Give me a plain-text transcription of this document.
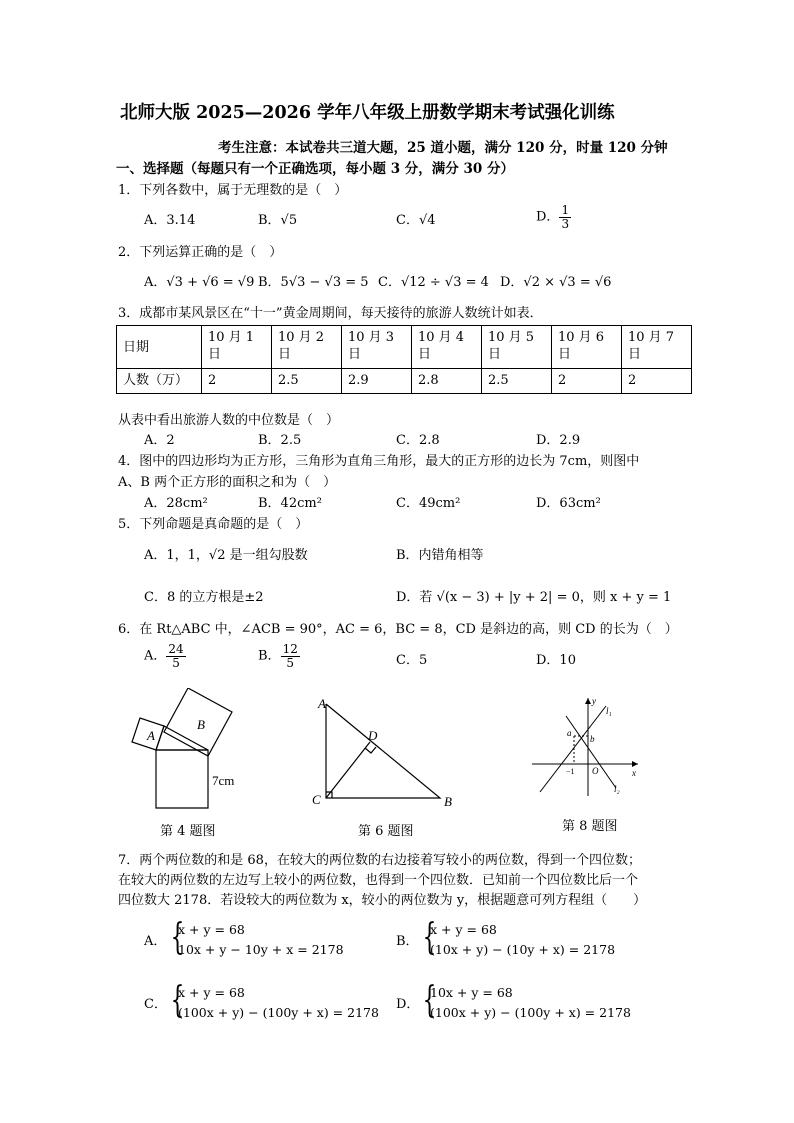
北师大版 2025—2026 学年八年级上册数学期末考试强化训练
考生注意：本试卷共三道大题，25 道小题，满分 120 分，时量 120 分钟
一、选择题（每题只有一个正确选项，每小题 3 分，满分 30 分）
1．下列各数中，属于无理数的是（　）
A．3.14	B．√5	C．√4	D． $\frac{1}{3}$
2．下列运算正确的是（　）
A．√3 + √6 = √9 B．5√3 − √3 = 5 C．√12 ÷ √3 = 4 D．√2 × √3 = √6
3．成都市某风景区在“十一”黄金周期间，每天接待的旅游人数统计如表．
日期	10 月 1 日	10 月 2 日	10 月 3 日	10 月 4 日	10 月 5 日	10 月 6 日	10 月 7 日
人数（万）	2	2.5	2.9	2.8	2.5	2	2
从表中看出旅游人数的中位数是（　）
A．2	B．2.5	C．2.8	D．2.9
4．图中的四边形均为正方形，三角形为直角三角形，最大的正方形的边长为 7cm，则图中
A、B 两个正方形的面积之和为（　）
A．28cm²	B．42cm²	C．49cm²	D．63cm²
5．下列命题是真命题的是（　）
A．1，1，√2 是一组勾股数	B．内错角相等
C．8 的立方根是±2	D．若 √(x − 3) + |y + 2| = 0，则 x + y = 1
6．在 Rt△ABC 中，∠ACB = 90°，AC = 6，BC = 8，CD 是斜边的高，则 CD 的长为（　）
A． $\frac{24}{5}$	B． $\frac{12}{5}$	C．5	D．10
A
B
7cm
第 4 题图
A
B
C
D
第 6 题图
y
x
l₁
l₂
b
O
−1
a
第 8 题图
7．两个两位数的和是 68，在较大的两位数的右边接着写较小的两位数，得到一个四位数；
在较大的两位数的左边写上较小的两位数，也得到一个四位数．已知前一个四位数比后一个
四位数大 2178．若设较大的两位数为 x，较小的两位数为 y，根据题意可列方程组（　　）
A． {
x + y = 68
10x + y − 10y + x = 2178
B． {
x + y = 68
(10x + y) − (10y + x) = 2178
C． {
x + y = 68
(100x + y) − (100y + x) = 2178
D． {
10x + y = 68
(100x + y) − (100y + x) = 2178
